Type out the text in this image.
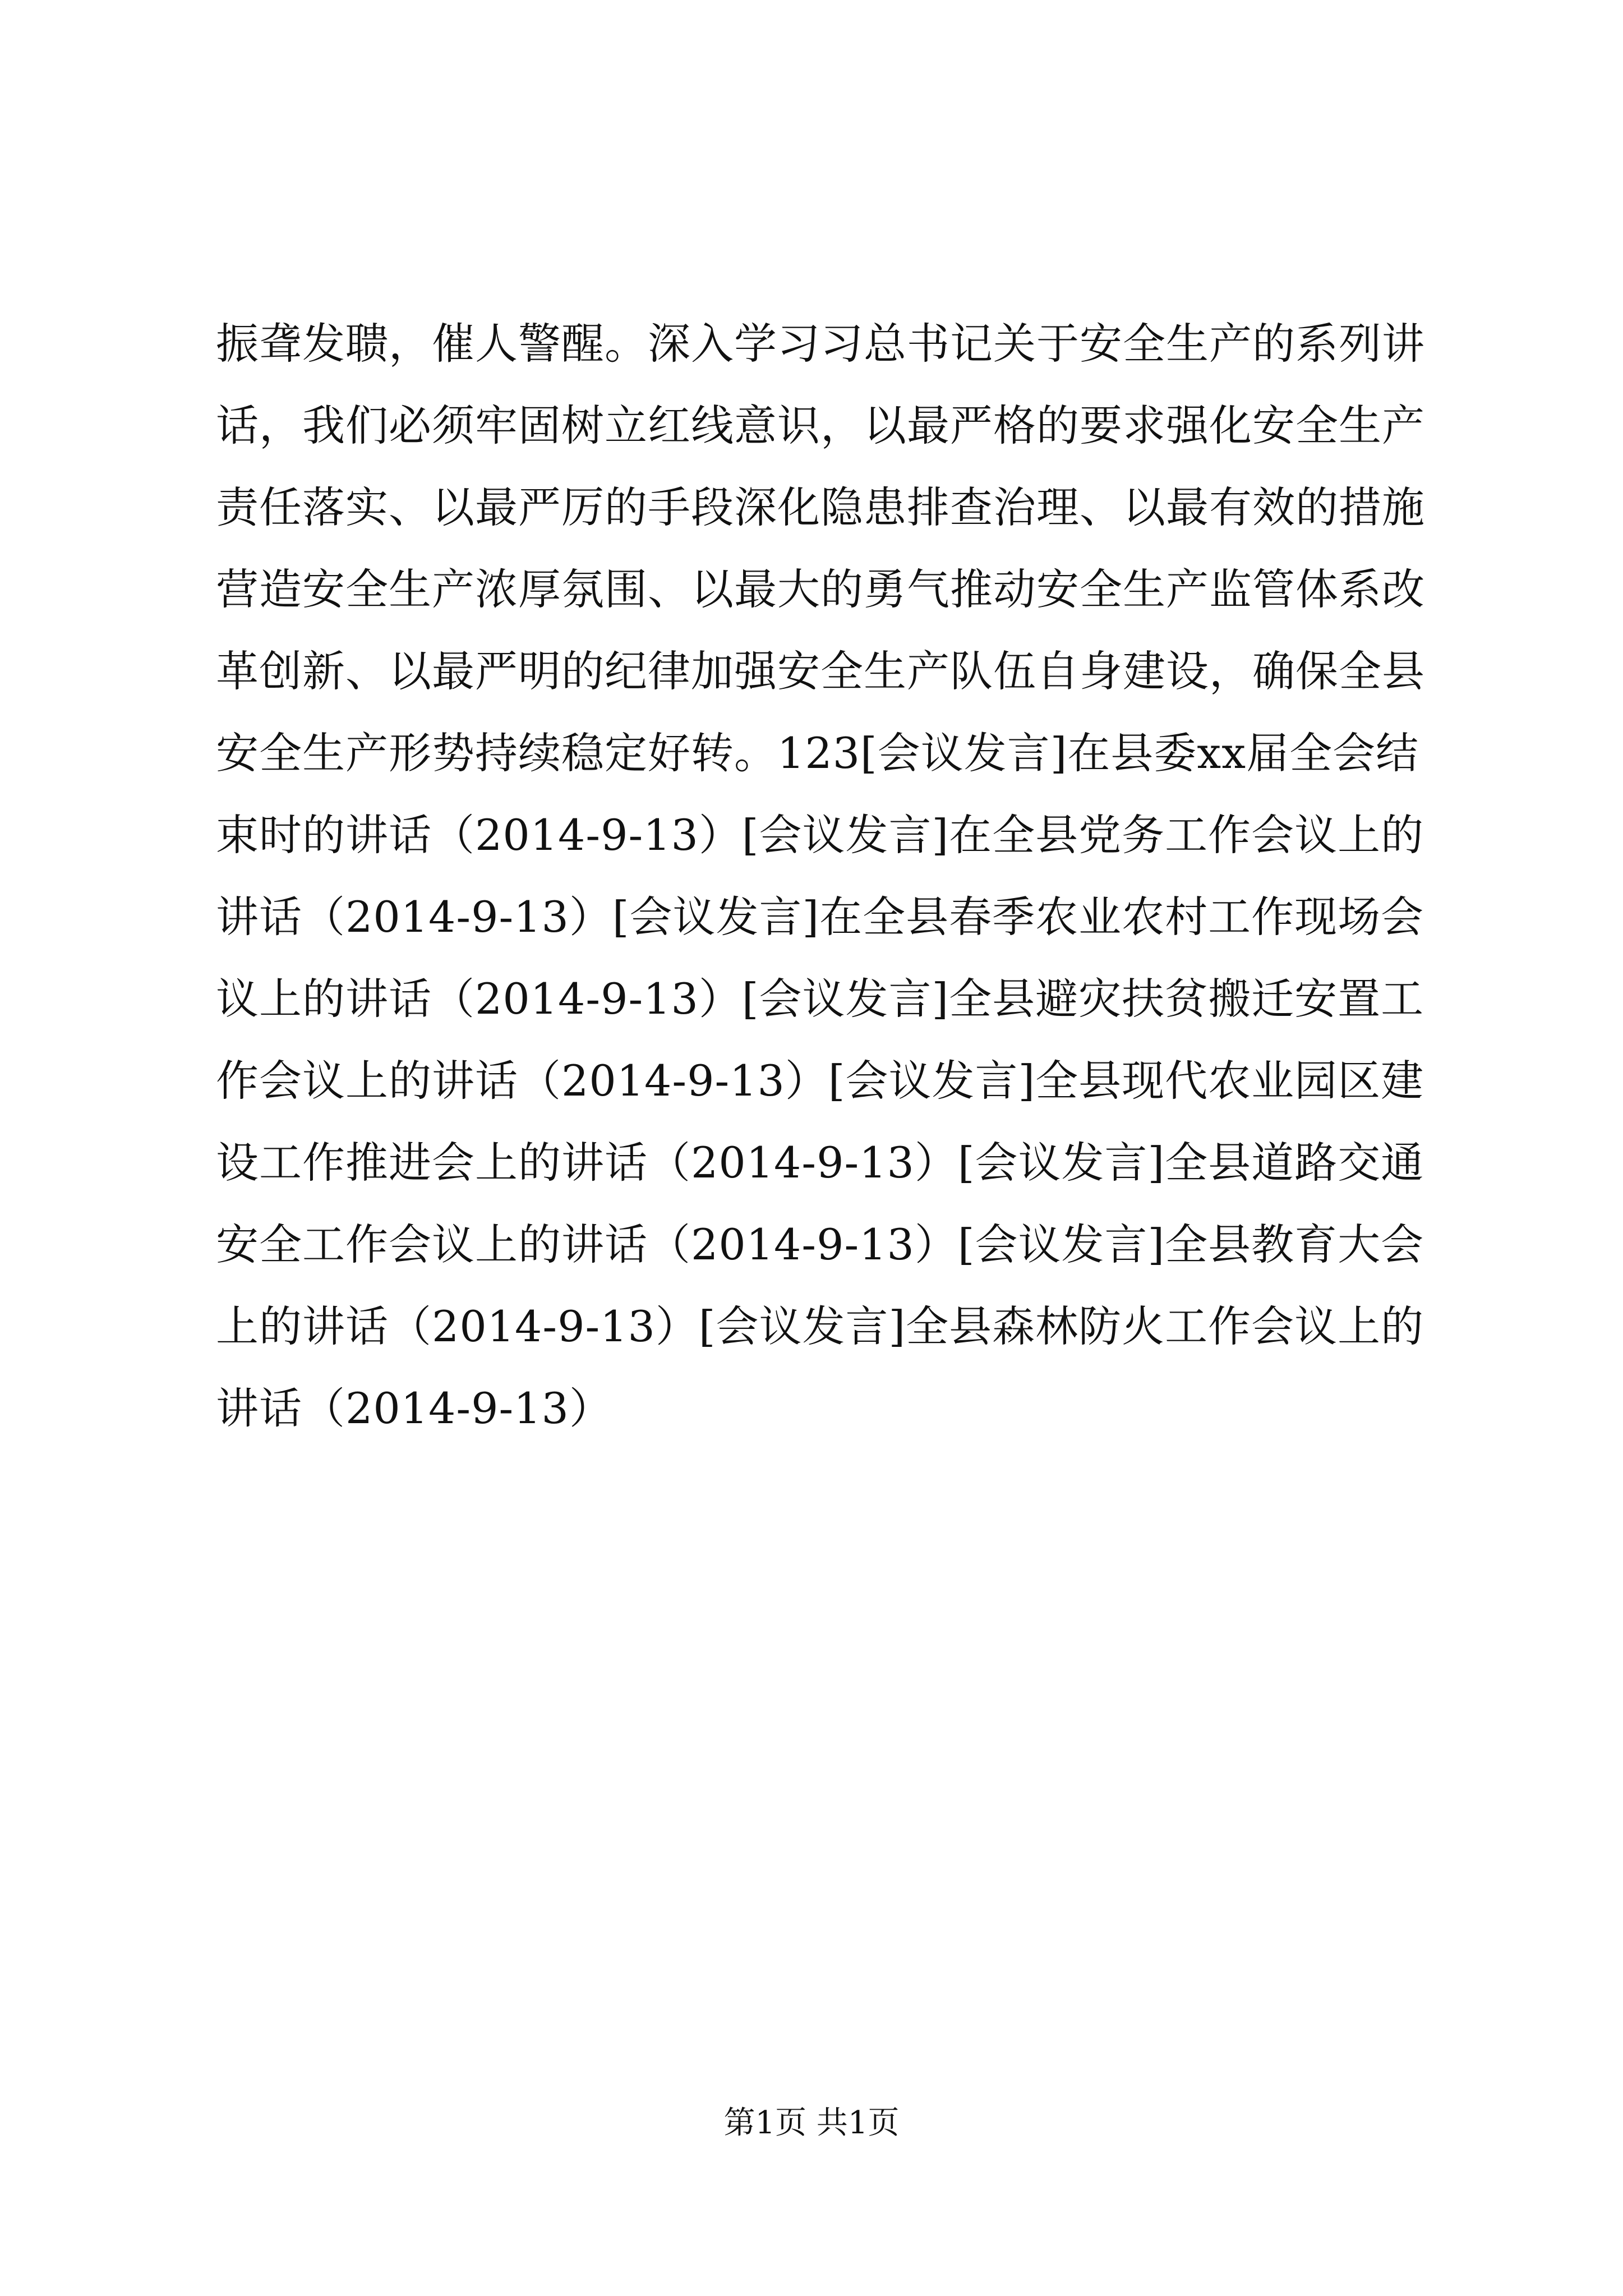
振聋发聩，催人警醒。深入学习习总书记关于安全生产的系列讲
话，我们必须牢固树立红线意识，以最严格的要求强化安全生产
责任落实、以最严厉的手段深化隐患排查治理、以最有效的措施
营造安全生产浓厚氛围、以最大的勇气推动安全生产监管体系改
革创新、以最严明的纪律加强安全生产队伍自身建设，确保全县
安全生产形势持续稳定好转。123[会议发言]在县委xx届全会结
束时的讲话（2014-9-13）[会议发言]在全县党务工作会议上的
讲话（2014-9-13）[会议发言]在全县春季农业农村工作现场会
议上的讲话（2014-9-13）[会议发言]全县避灾扶贫搬迁安置工
作会议上的讲话（2014-9-13）[会议发言]全县现代农业园区建
设工作推进会上的讲话（2014-9-13）[会议发言]全县道路交通
安全工作会议上的讲话（2014-9-13）[会议发言]全县教育大会
上的讲话（2014-9-13）[会议发言]全县森林防火工作会议上的
讲话（2014-9-13）
第1页 共1页
